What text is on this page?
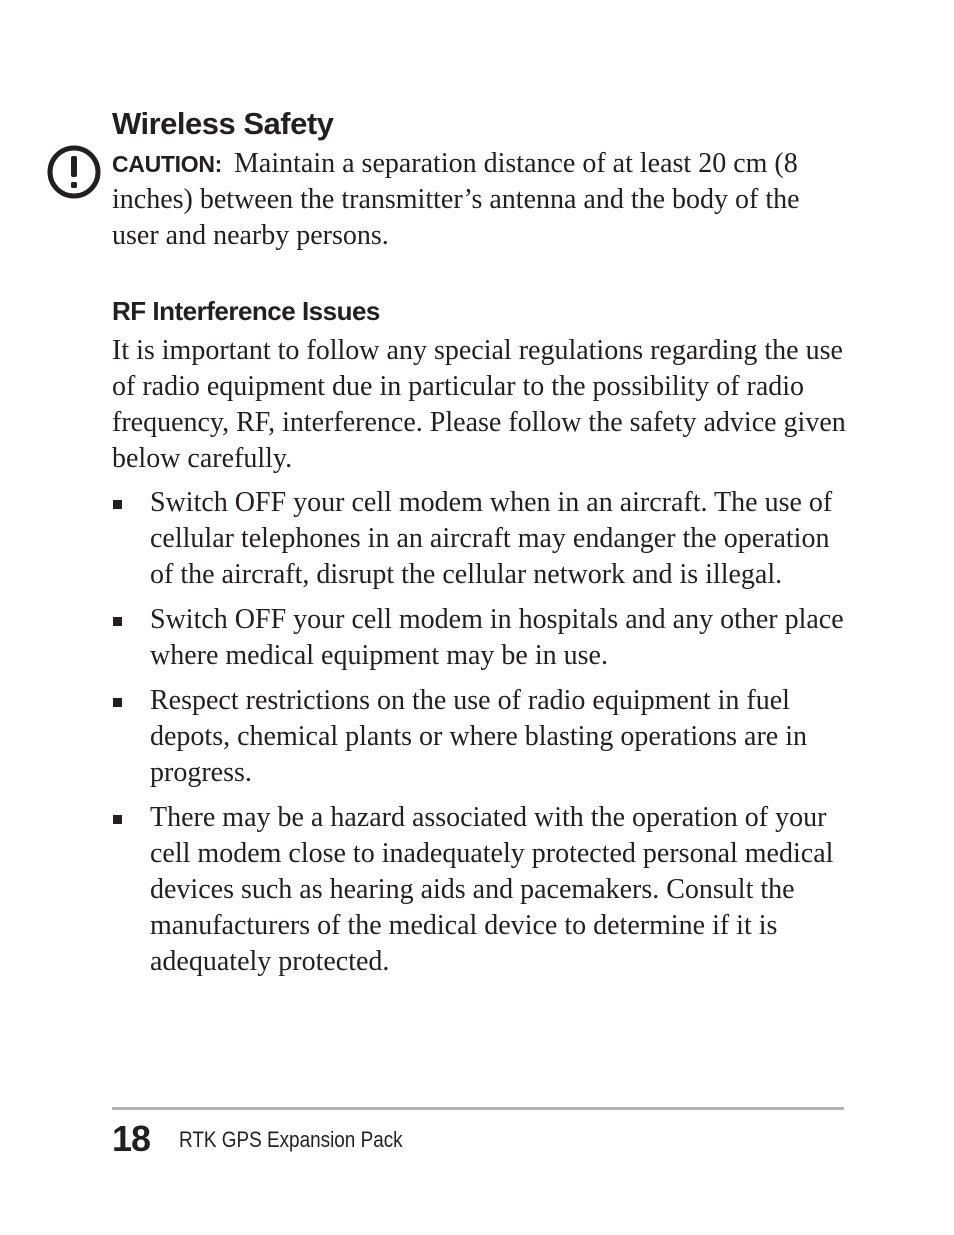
Wireless Safety

CAUTION: Maintain a separation distance of at least 20 cm (8 inches) between the transmitter’s antenna and the body of the user and nearby persons.

RF Interference Issues

It is important to follow any special regulations regarding the use of radio equipment due in particular to the possibility of radio frequency, RF, interference. Please follow the safety advice given below carefully.

Switch OFF your cell modem when in an aircraft. The use of cellular telephones in an aircraft may endanger the operation of the aircraft, disrupt the cellular network and is illegal.
Switch OFF your cell modem in hospitals and any other place where medical equipment may be in use.
Respect restrictions on the use of radio equipment in fuel depots, chemical plants or where blasting operations are in progress.
There may be a hazard associated with the operation of your cell modem close to inadequately protected personal medical devices such as hearing aids and pacemakers. Consult the manufacturers of the medical device to determine if it is adequately protected.
18 RTK GPS Expansion Pack
